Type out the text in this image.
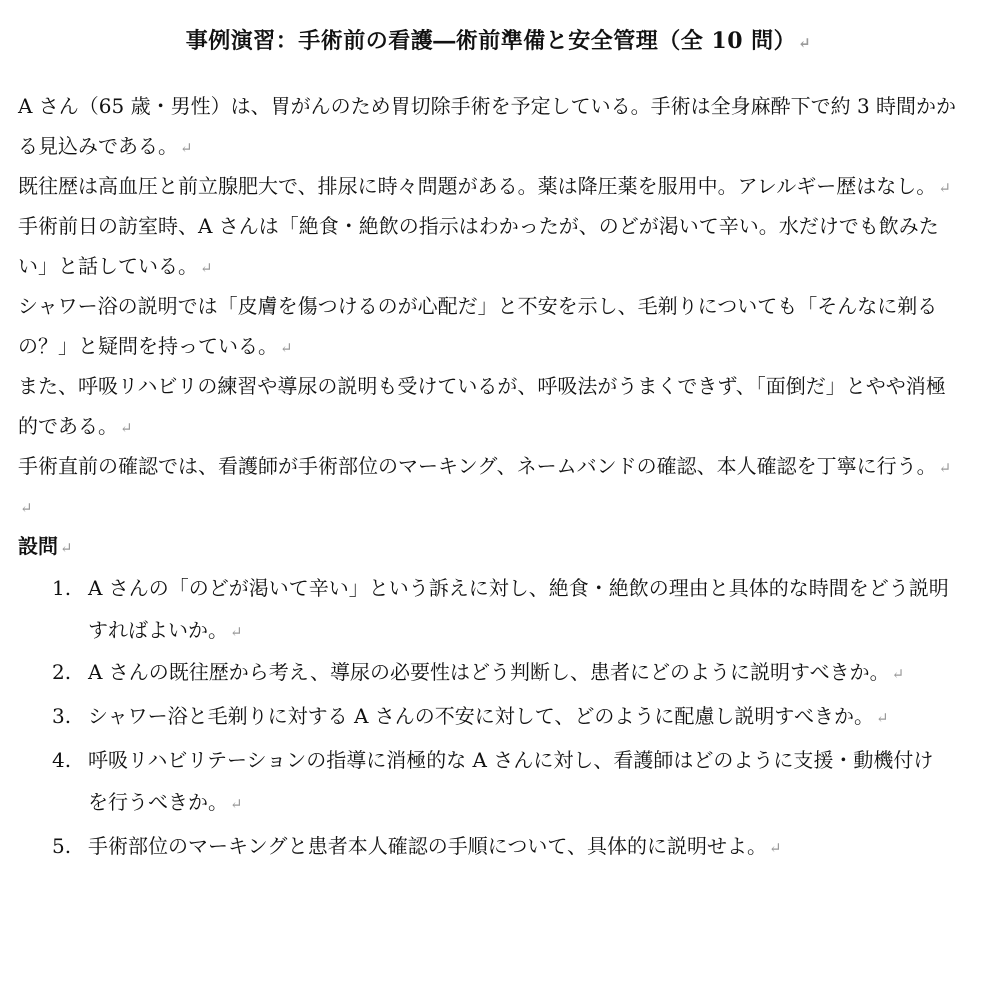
事例演習：手術前の看護―術前準備と安全管理（全 10 問） ↵
A さん（65 歳・男性）は、胃がんのため胃切除手術を予定している。手術は全身麻酔下で約 3 時間かか
る見込みである。 ↵
既往歴は高血圧と前立腺肥大で、排尿に時々問題がある。薬は降圧薬を服用中。アレルギー歴はなし。 ↵
手術前日の訪室時、A さんは「絶食・絶飲の指示はわかったが、のどが渇いて辛い。水だけでも飲みた
い」と話している。 ↵
シャワー浴の説明では「皮膚を傷つけるのが心配だ」と不安を示し、毛剃りについても「そんなに剃る
の？」と疑問を持っている。 ↵
また、呼吸リハビリの練習や導尿の説明も受けているが、呼吸法がうまくできず、「面倒だ」とやや消極
的である。 ↵
手術直前の確認では、看護師が手術部位のマーキング、ネームバンドの確認、本人確認を丁寧に行う。 ↵
↵
設問 ↵
1. A さんの「のどが渇いて辛い」という訴えに対し、絶食・絶飲の理由と具体的な時間をどう説明
すればよいか。 ↵
2. A さんの既往歴から考え、導尿の必要性はどう判断し、患者にどのように説明すべきか。 ↵
3. シャワー浴と毛剃りに対する A さんの不安に対して、どのように配慮し説明すべきか。 ↵
4. 呼吸リハビリテーションの指導に消極的な A さんに対し、看護師はどのように支援・動機付け
を行うべきか。 ↵
5. 手術部位のマーキングと患者本人確認の手順について、具体的に説明せよ。 ↵
